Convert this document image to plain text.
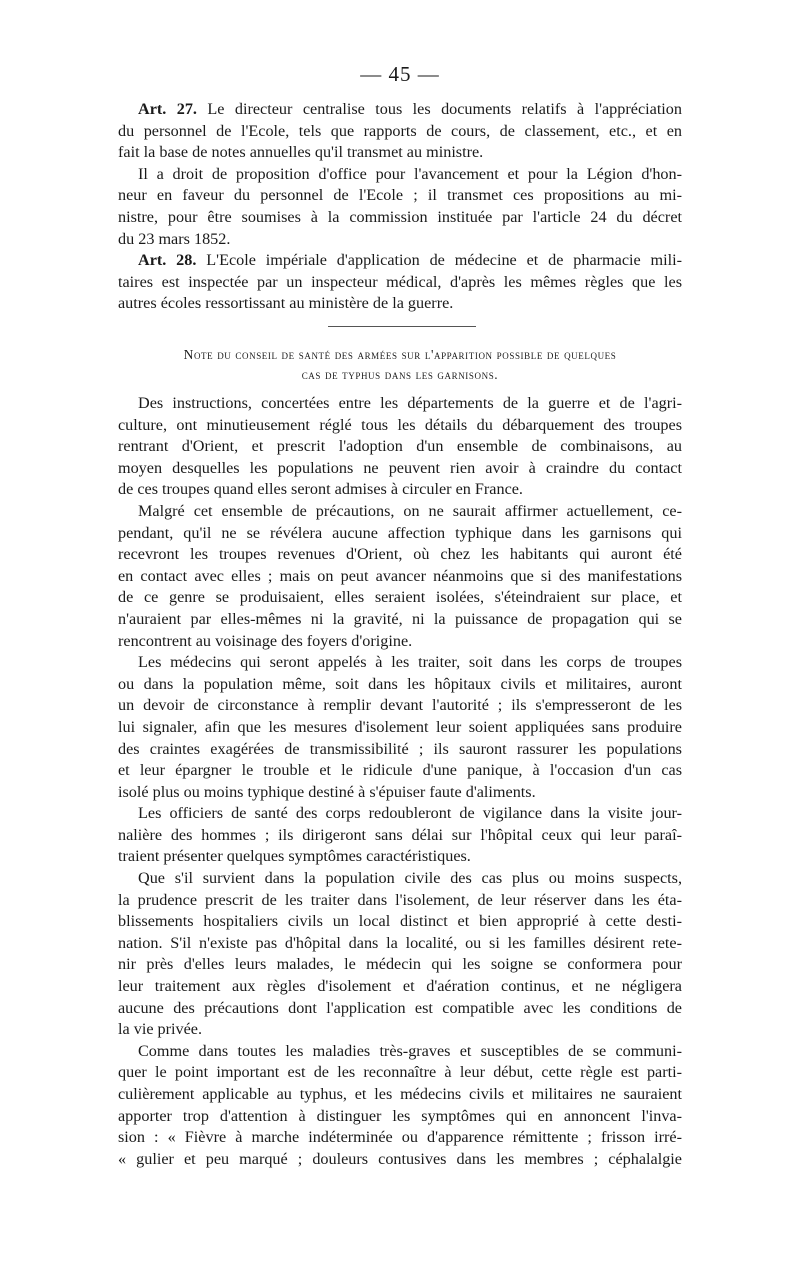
— 45 —

Art. 27. Le directeur centralise tous les documents relatifs à l'appréciation

du personnel de l'Ecole, tels que rapports de cours, de classement, etc., et en

fait la base de notes annuelles qu'il transmet au ministre.

Il a droit de proposition d'office pour l'avancement et pour la Légion d'hon-

neur en faveur du personnel de l'Ecole ; il transmet ces propositions au mi-

nistre, pour être soumises à la commission instituée par l'article 24 du décret

du 23 mars 1852.

Art. 28. L'Ecole impériale d'application de médecine et de pharmacie mili-

taires est inspectée par un inspecteur médical, d'après les mêmes règles que les

autres écoles ressortissant au ministère de la guerre.

Note du conseil de santé des armées sur l'apparition possible de quelques
cas de typhus dans les garnisons.

Des instructions, concertées entre les départements de la guerre et de l'agri-

culture, ont minutieusement réglé tous les détails du débarquement des troupes

rentrant d'Orient, et prescrit l'adoption d'un ensemble de combinaisons, au

moyen desquelles les populations ne peuvent rien avoir à craindre du contact

de ces troupes quand elles seront admises à circuler en France.

Malgré cet ensemble de précautions, on ne saurait affirmer actuellement, ce-

pendant, qu'il ne se révélera aucune affection typhique dans les garnisons qui

recevront les troupes revenues d'Orient, où chez les habitants qui auront été

en contact avec elles ; mais on peut avancer néanmoins que si des manifestations

de ce genre se produisaient, elles seraient isolées, s'éteindraient sur place, et

n'auraient par elles-mêmes ni la gravité, ni la puissance de propagation qui se

rencontrent au voisinage des foyers d'origine.

Les médecins qui seront appelés à les traiter, soit dans les corps de troupes

ou dans la population même, soit dans les hôpitaux civils et militaires, auront

un devoir de circonstance à remplir devant l'autorité ; ils s'empresseront de les

lui signaler, afin que les mesures d'isolement leur soient appliquées sans produire

des craintes exagérées de transmissibilité ; ils sauront rassurer les populations

et leur épargner le trouble et le ridicule d'une panique, à l'occasion d'un cas

isolé plus ou moins typhique destiné à s'épuiser faute d'aliments.

Les officiers de santé des corps redoubleront de vigilance dans la visite jour-

nalière des hommes ; ils dirigeront sans délai sur l'hôpital ceux qui leur paraî-

traient présenter quelques symptômes caractéristiques.

Que s'il survient dans la population civile des cas plus ou moins suspects,

la prudence prescrit de les traiter dans l'isolement, de leur réserver dans les éta-

blissements hospitaliers civils un local distinct et bien approprié à cette desti-

nation. S'il n'existe pas d'hôpital dans la localité, ou si les familles désirent rete-

nir près d'elles leurs malades, le médecin qui les soigne se conformera pour

leur traitement aux règles d'isolement et d'aération continus, et ne négligera

aucune des précautions dont l'application est compatible avec les conditions de

la vie privée.

Comme dans toutes les maladies très-graves et susceptibles de se communi-

quer le point important est de les reconnaître à leur début, cette règle est parti-

culièrement applicable au typhus, et les médecins civils et militaires ne sauraient

apporter trop d'attention à distinguer les symptômes qui en annoncent l'inva-

sion : « Fièvre à marche indéterminée ou d'apparence rémittente ; frisson irré-

« gulier et peu marqué ; douleurs contusives dans les membres ; céphalalgie
